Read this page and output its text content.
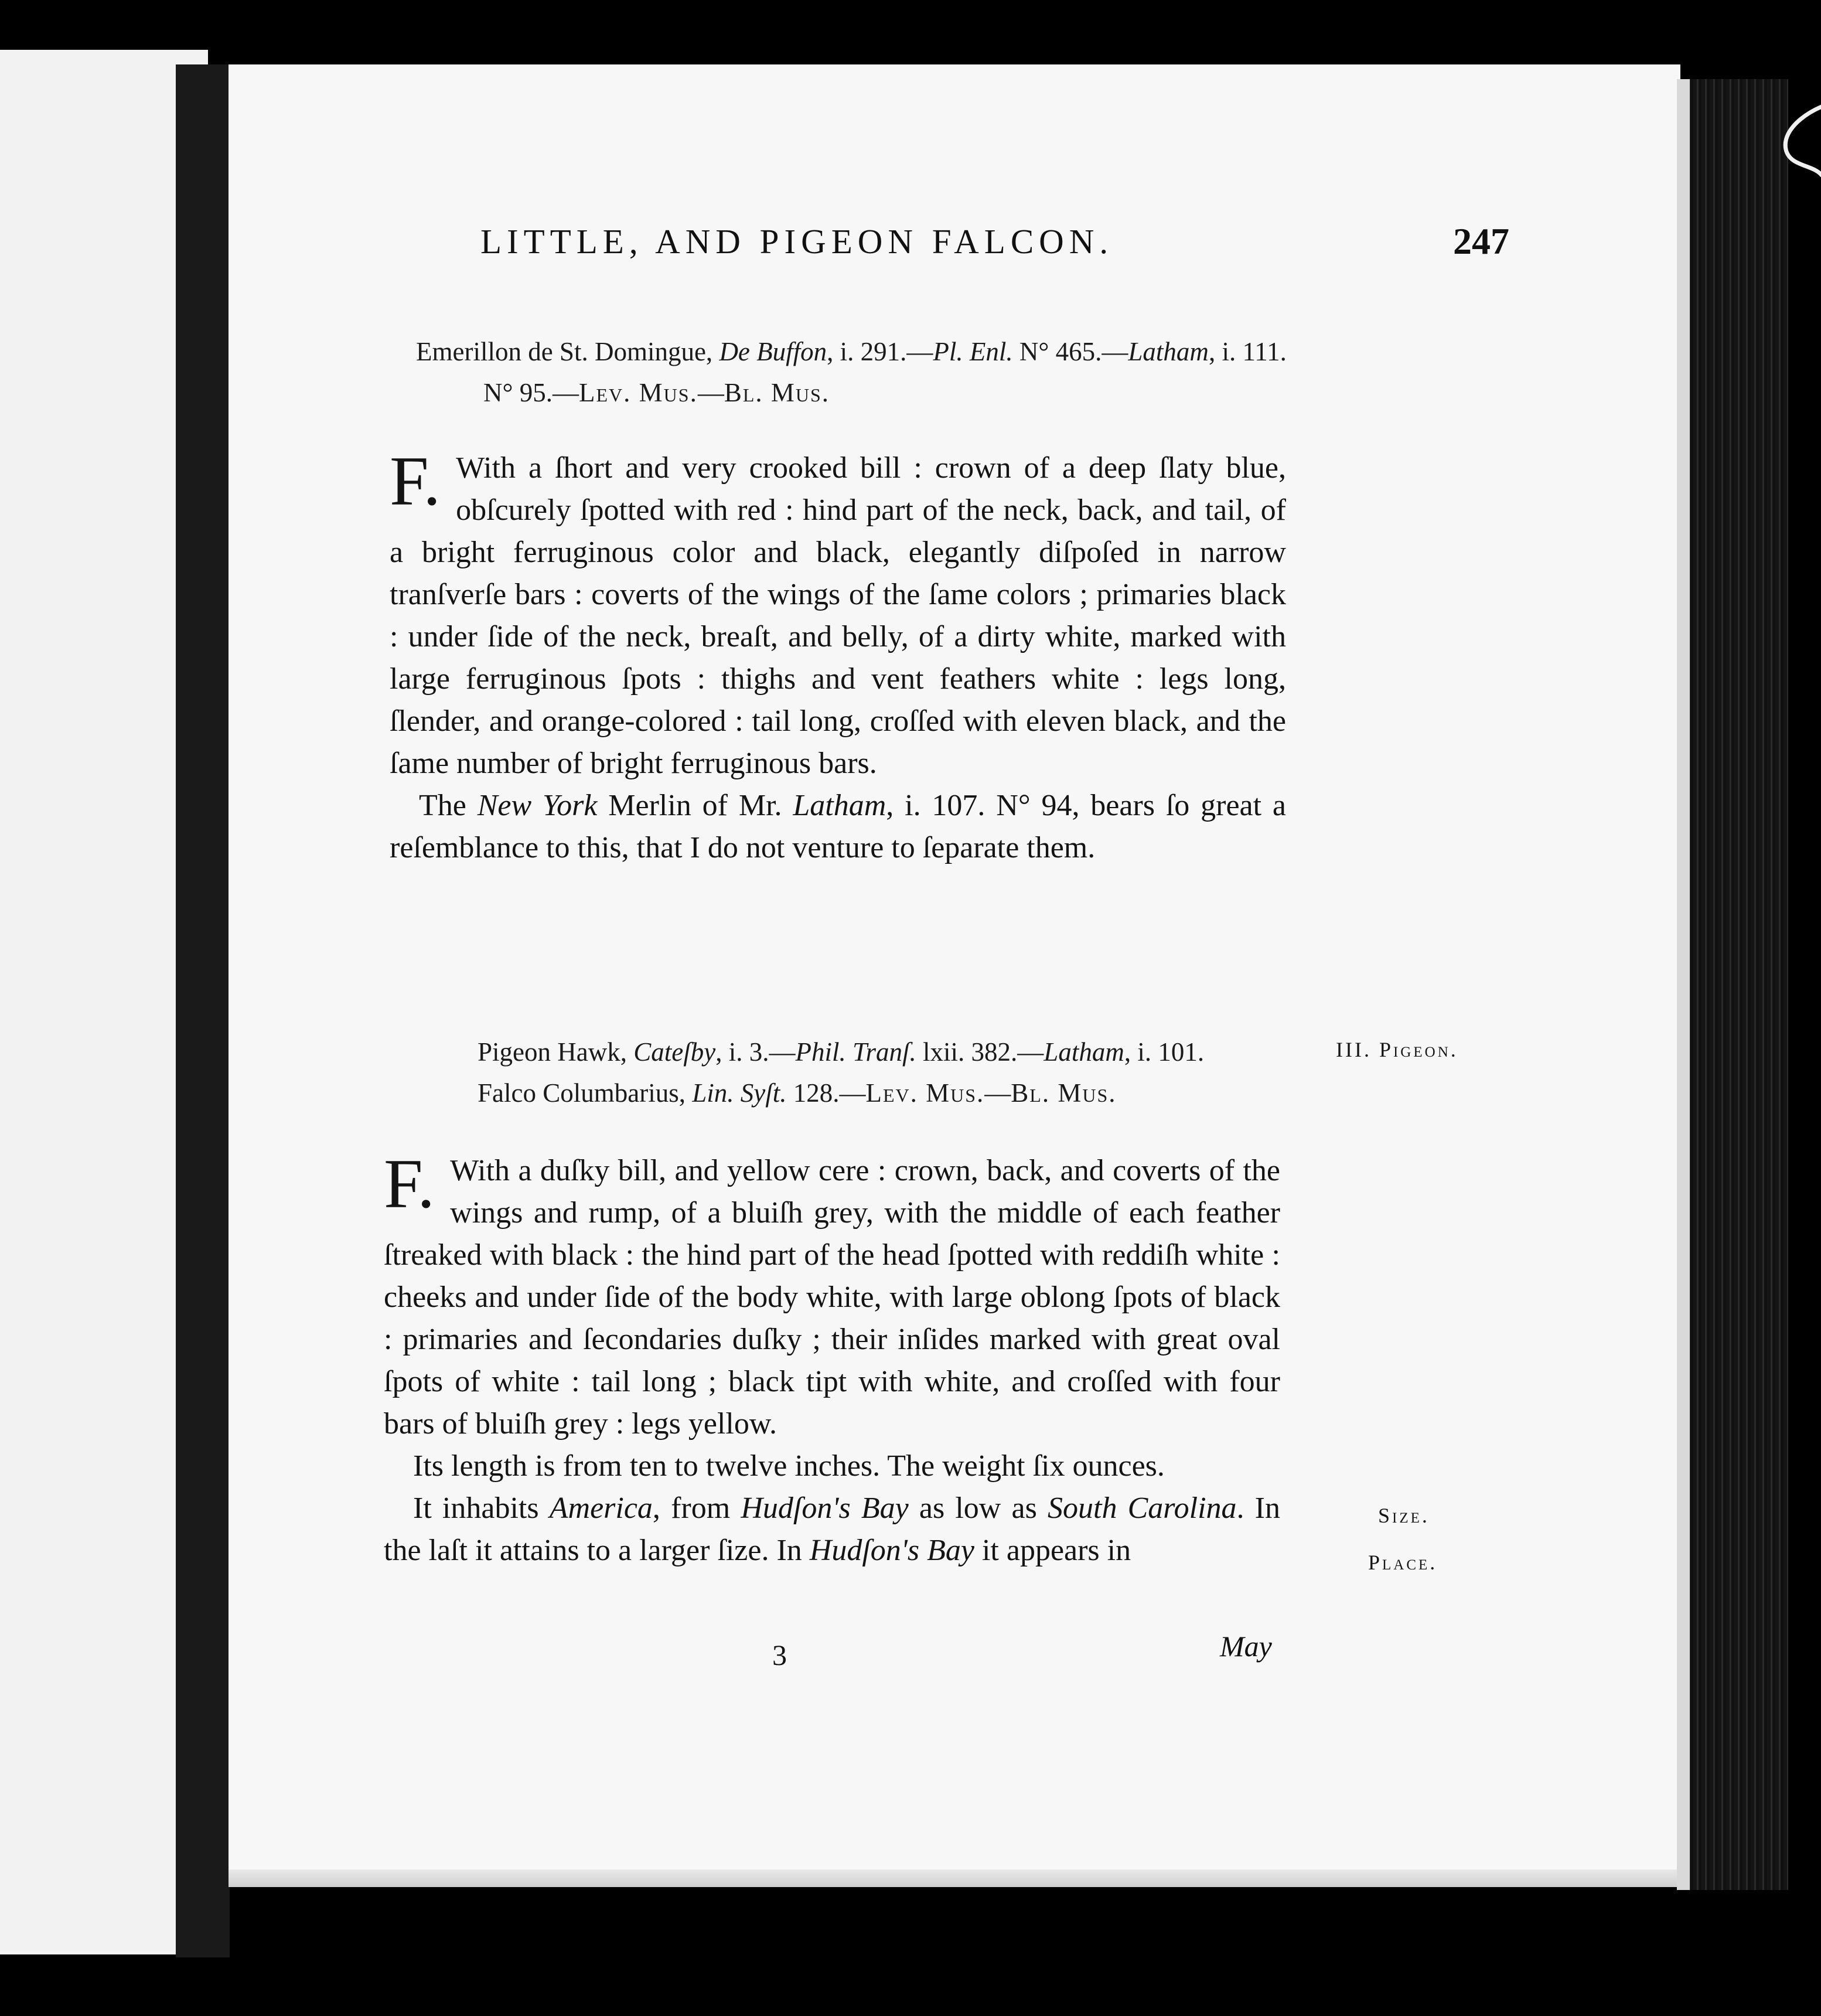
LITTLE, AND PIGEON FALCON.	247
Emerillon de St. Domingue, De Buffon, i. 291.—Pl. Enl. N° 465.—Latham, i. 111.
N° 95.—Lev. Mus.—Bl. Mus.

F. With a ſhort and very crooked bill : crown of a deep ſlaty blue, obſcurely ſpotted with red : hind part of the neck, back, and tail, of a bright ferruginous color and black, elegantly diſpoſed in narrow tranſverſe bars : coverts of the wings of the ſame colors ; primaries black : under ſide of the neck, breaſt, and belly, of a dirty white, marked with large ferruginous ſpots : thighs and vent feathers white : legs long, ſlender, and orange-colored : tail long, croſſed with eleven black, and the ſame number of bright ferruginous bars.

The New York Merlin of Mr. Latham, i. 107. N° 94, bears ſo great a reſemblance to this, that I do not venture to ſeparate them.

III. Pigeon.
Pigeon Hawk, Cateſby, i. 3.—Phil. Tranſ. lxii. 382.—Latham, i. 101.
Falco Columbarius, Lin. Syſt. 128.—Lev. Mus.—Bl. Mus.

F. With a duſky bill, and yellow cere : crown, back, and coverts of the wings and rump, of a bluiſh grey, with the middle of each feather ſtreaked with black : the hind part of the head ſpotted with reddiſh white : cheeks and under ſide of the body white, with large oblong ſpots of black : primaries and ſecondaries duſky ; their inſides marked with great oval ſpots of white : tail long ; black tipt with white, and croſſed with four bars of bluiſh grey : legs yellow.

Its length is from ten to twelve inches. The weight ſix ounces.

It inhabits America, from Hudſon's Bay as low as South Carolina. In the laſt it attains to a larger ſize. In Hudſon's Bay it appears in

Size.
Place.
3	May
